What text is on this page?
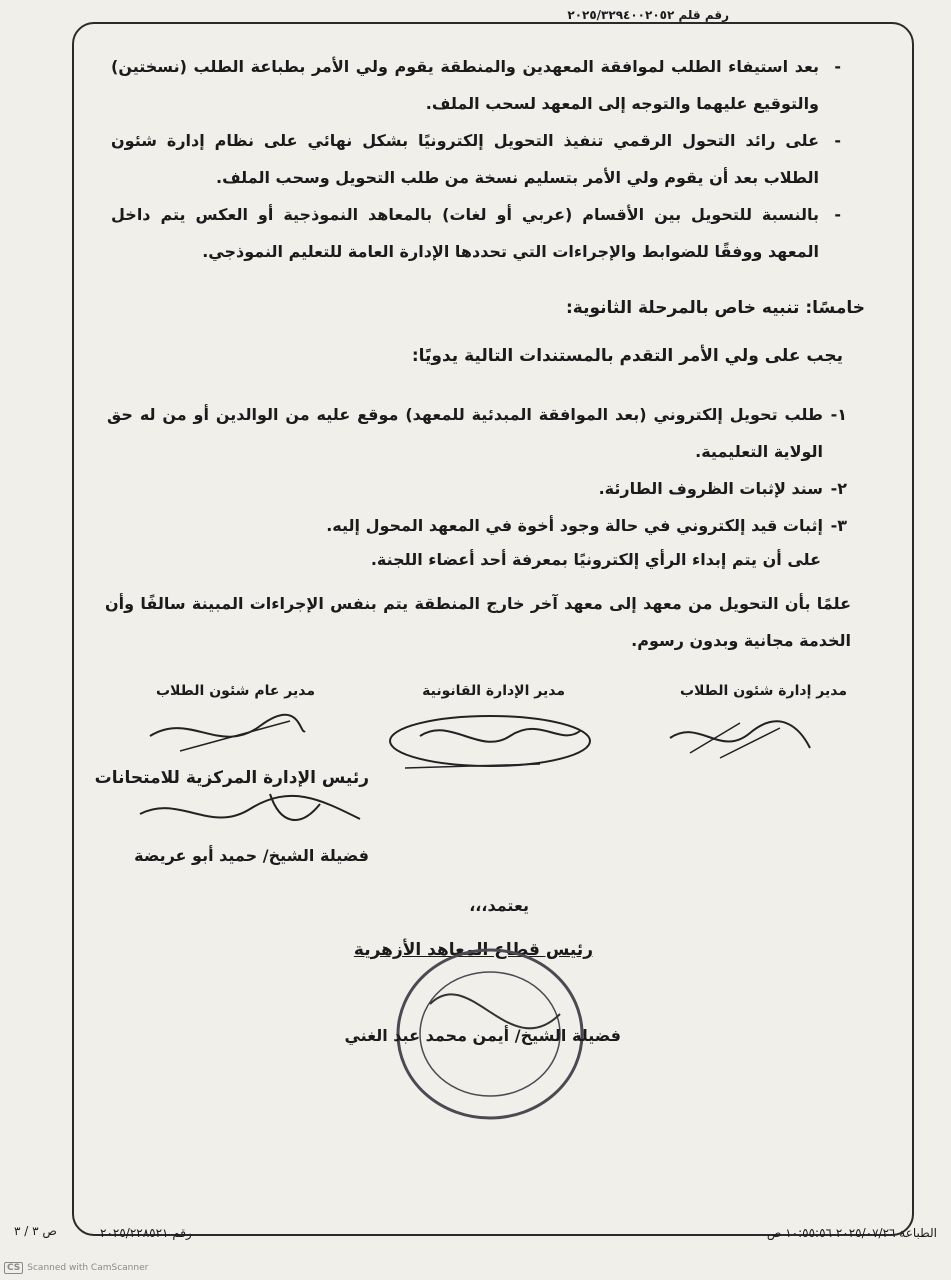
رقم قلم ٢٠٢٥/٣٢٩٤٠٠٢٠٥٢
- بعد استيفاء الطلب لموافقة المعهدين والمنطقة يقوم ولي الأمر بطباعة الطلب (نسختين) والتوقيع عليهما والتوجه إلى المعهد لسحب الملف.
- على رائد التحول الرقمي تنفيذ التحويل إلكترونيًا بشكل نهائي على نظام إدارة شئون الطلاب بعد أن يقوم ولي الأمر بتسليم نسخة من طلب التحويل وسحب الملف.
- بالنسبة للتحويل بين الأقسام (عربي أو لغات) بالمعاهد النموذجية أو العكس يتم داخل المعهد ووفقًا للضوابط والإجراءات التي تحددها الإدارة العامة للتعليم النموذجي.
خامسًا: تنبيه خاص بالمرحلة الثانوية:
يجب على ولي الأمر التقدم بالمستندات التالية يدويًا:
١-
طلب تحويل إلكتروني (بعد الموافقة المبدئية للمعهد) موقع عليه من الوالدين أو من له حق الولاية التعليمية.
٢-
سند لإثبات الظروف الطارئة.
٣-
إثبات قيد إلكتروني في حالة وجود أخوة في المعهد المحول إليه.
على أن يتم إبداء الرأي إلكترونيًا بمعرفة أحد أعضاء اللجنة.
علمًا بأن التحويل من معهد إلى معهد آخر خارج المنطقة يتم بنفس الإجراءات المبينة سالفًا وأن الخدمة مجانية وبدون رسوم.
مدير إدارة شئون الطلاب
مدير الإدارة القانونية
مدير عام شئون الطلاب
رئيس الإدارة المركزية للامتحانات
فضيلة الشيخ/ حميد أبو عريضة
يعتمد،،،
رئيس قطاع المعاهد الأزهرية
فضيلة الشيخ/ أيمن محمد عبد الغني
ص ٣ / ٣	رقم ٢٠٢٥/٢٢٨٥٢١	الطباعة ٢٠٢٥/٠٧/٢٦ ١٠:٥٥:٥٦ ص
CS Scanned with CamScanner
